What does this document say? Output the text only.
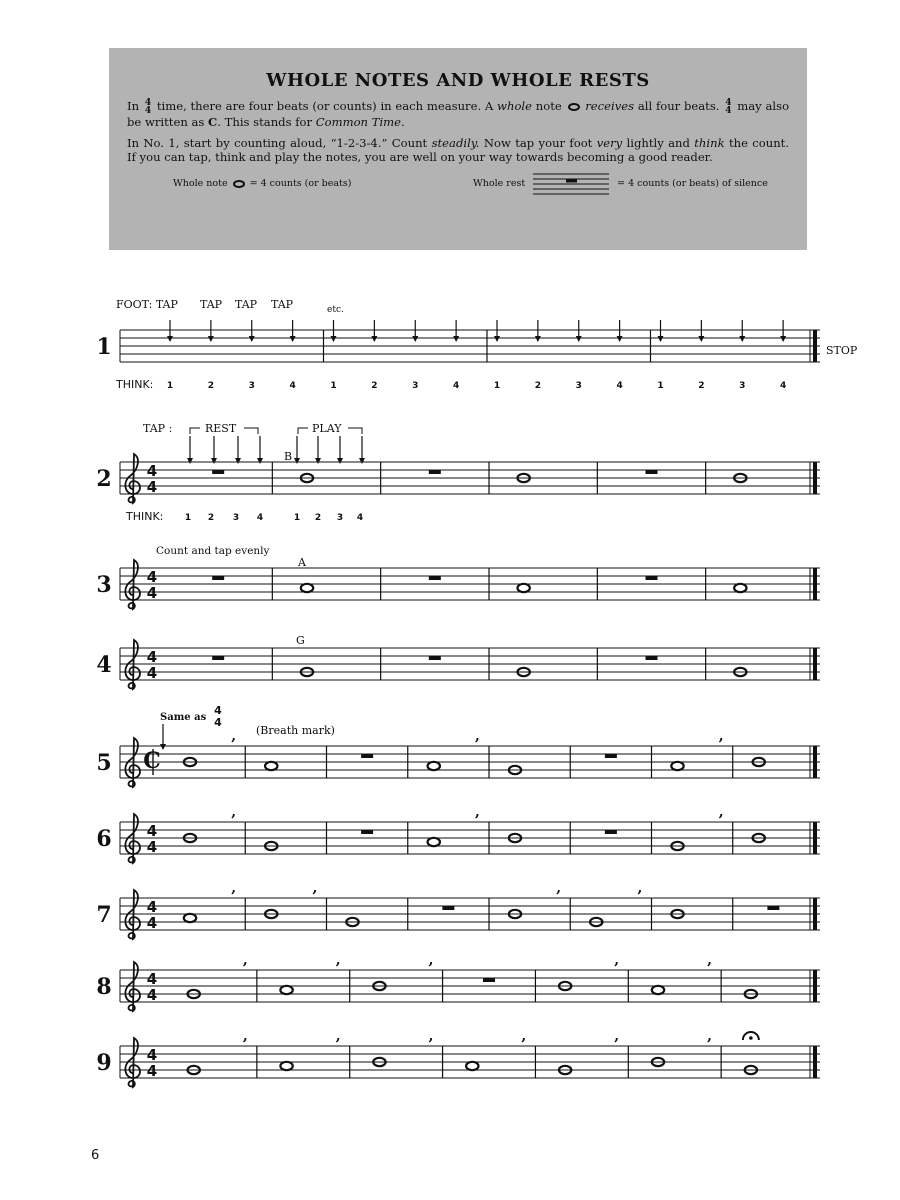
WHOLE NOTES AND WHOLE RESTS

In 4
4 time, there are four beats (or counts) in each measure. A whole note receives all four beats. 4
4 may also be written as C. This stands for Common Time.

In No. 1, start by counting aloud, “1-2-3-4.” Count steadily. Now tap your foot very lightly and think the count. If you can tap, think and play the notes, you are well on your way towards becoming a good reader.

Whole note = 4 counts (or beats)	Whole rest	= 4 counts (or beats) of silence
1
FOOT: TAP TAP TAP TAP	etc.
1	2	3	4	1	2	3	4	1	2	3	4	1	2	3	4
THINK:
STOP
2 4
4
TAP :	REST	PLAY
B
THINK: 1 2 3 4	1 2 3 4
3 4
4
Count and tap evenly
A
4 4
4
G
5 C
,	,	,
Same as
4
4
(Breath mark)
6 4
4
,	,	,
7 4
4
,	,	,	,
8 4
4
,	,	,	,	,
9 4
4
,	,	,	,	,	,
6
